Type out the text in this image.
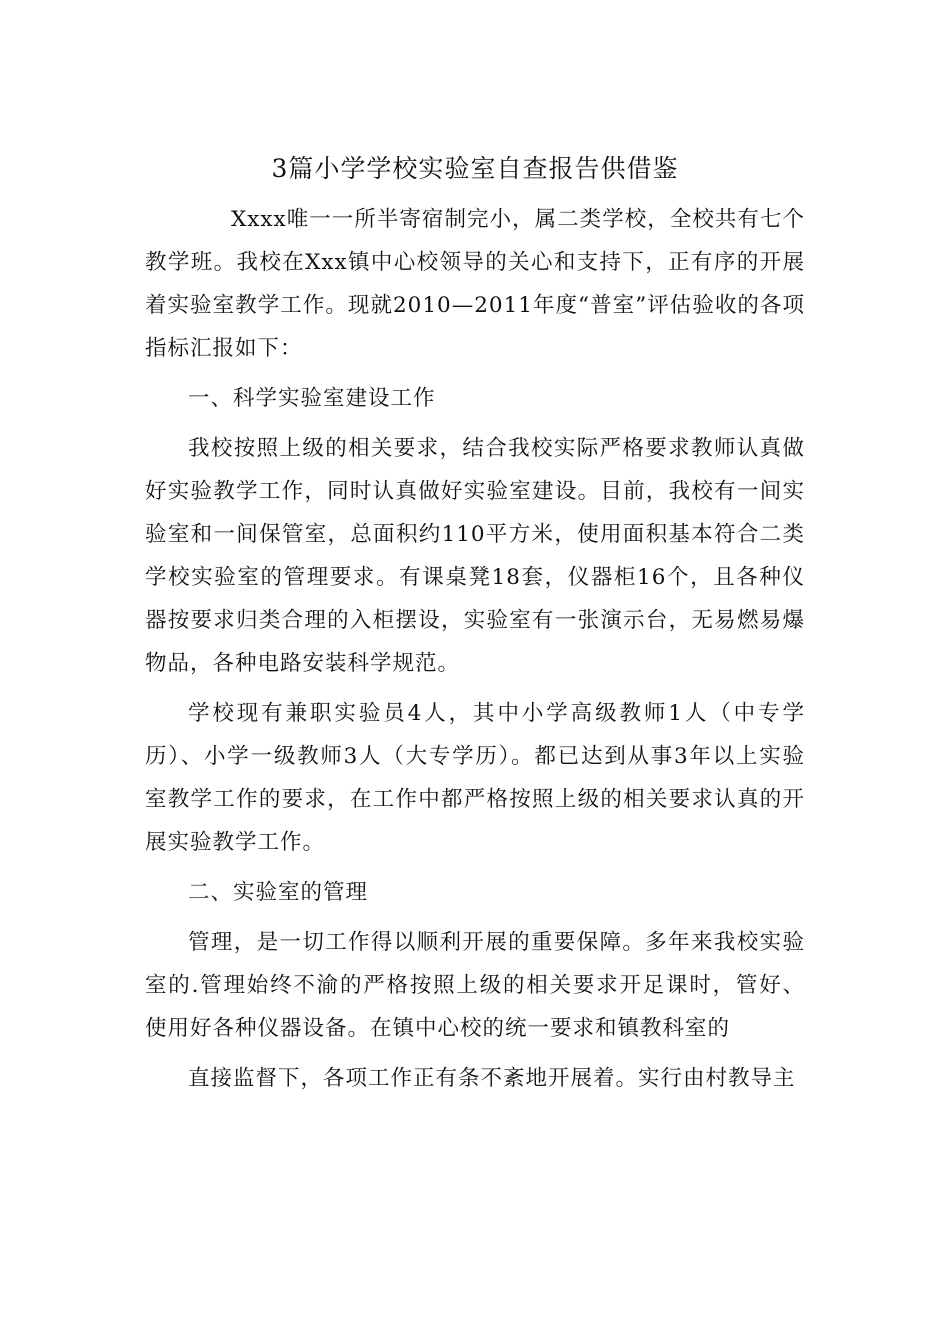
3篇小学学校实验室自查报告供借鉴

Xxxx唯一一所半寄宿制完小，属二类学校，全校共有七个教学班。我校在Xxx镇中心校领导的关心和支持下，正有序的开展着实验室教学工作。现就2010—2011年度“普室”评估验收的各项指标汇报如下：

一、科学实验室建设工作

我校按照上级的相关要求，结合我校实际严格要求教师认真做好实验教学工作，同时认真做好实验室建设。目前，我校有一间实验室和一间保管室，总面积约110平方米，使用面积基本符合二类学校实验室的管理要求。有课桌凳18套，仪器柜16个，且各种仪器按要求归类合理的入柜摆设，实验室有一张演示台，无易燃易爆物品，各种电路安装科学规范。

学校现有兼职实验员4人，其中小学高级教师1人（中专学历）、小学一级教师3人（大专学历）。都已达到从事3年以上实验室教学工作的要求，在工作中都严格按照上级的相关要求认真的开展实验教学工作。

二、实验室的管理

管理，是一切工作得以顺利开展的重要保障。多年来我校实验室的.管理始终不渝的严格按照上级的相关要求开足课时，管好、使用好各种仪器设备。在镇中心校的统一要求和镇教科室的

直接监督下，各项工作正有条不紊地开展着。实行由村教导主
